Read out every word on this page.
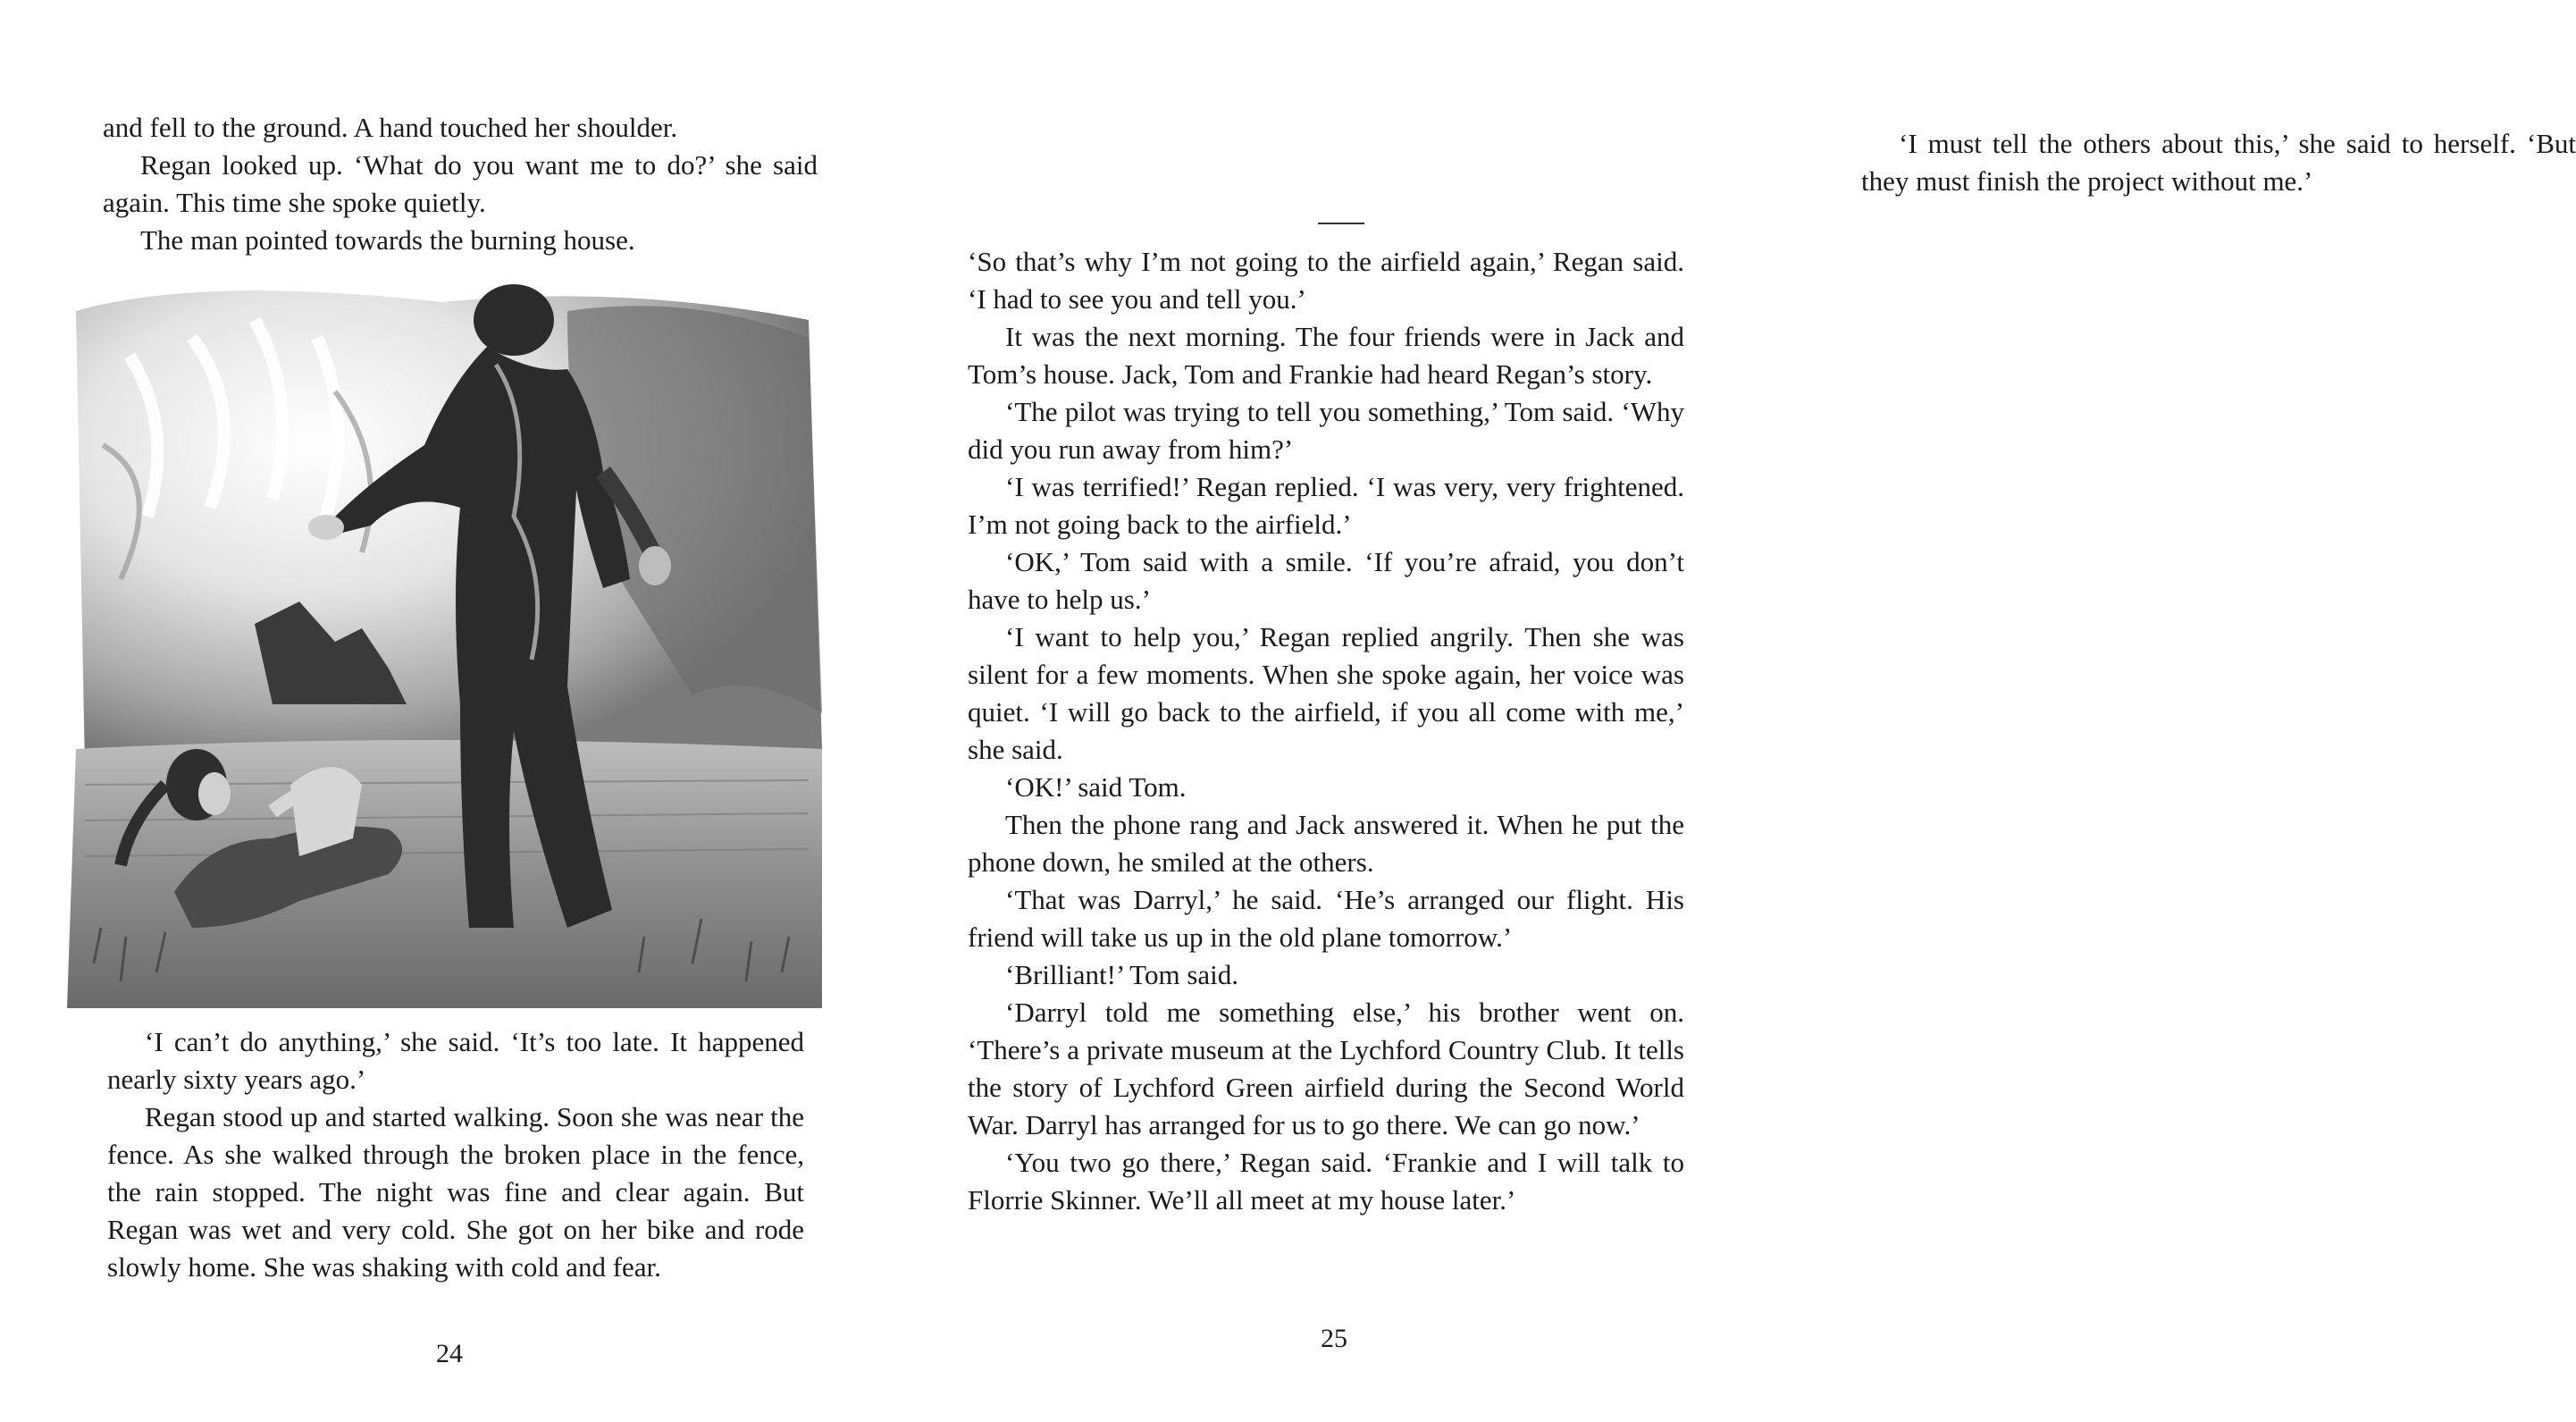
and fell to the ground. A hand touched her shoulder.

Regan looked up. ‘What do you want me to do?’ she said again. This time she spoke quietly.

The man pointed towards the burning house.

‘I can’t do anything,’ she said. ‘It’s too late. It happened nearly sixty years ago.’

Regan stood up and started walking. Soon she was near the fence. As she walked through the broken place in the fence, the rain stopped. The night was fine and clear again. But Regan was wet and very cold. She got on her bike and rode slowly home. She was shaking with cold and fear.

24

‘I must tell the others about this,’ she said to herself. ‘But they must finish the project without me.’

‘So that’s why I’m not going to the airfield again,’ Regan said. ‘I had to see you and tell you.’

It was the next morning. The four friends were in Jack and Tom’s house. Jack, Tom and Frankie had heard Regan’s story.

‘The pilot was trying to tell you something,’ Tom said. ‘Why did you run away from him?’

‘I was terrified!’ Regan replied. ‘I was very, very frightened. I’m not going back to the airfield.’

‘OK,’ Tom said with a smile. ‘If you’re afraid, you don’t have to help us.’

‘I want to help you,’ Regan replied angrily. Then she was silent for a few moments. When she spoke again, her voice was quiet. ‘I will go back to the airfield, if you all come with me,’ she said.

‘OK!’ said Tom.

Then the phone rang and Jack answered it. When he put the phone down, he smiled at the others.

‘That was Darryl,’ he said. ‘He’s arranged our flight. His friend will take us up in the old plane tomorrow.’

‘Brilliant!’ Tom said.

‘Darryl told me something else,’ his brother went on. ‘There’s a private museum at the Lychford Country Club. It tells the story of Lychford Green airfield during the Second World War. Darryl has arranged for us to go there. We can go now.’

‘You two go there,’ Regan said. ‘Frankie and I will talk to Florrie Skinner. We’ll all meet at my house later.’

25
